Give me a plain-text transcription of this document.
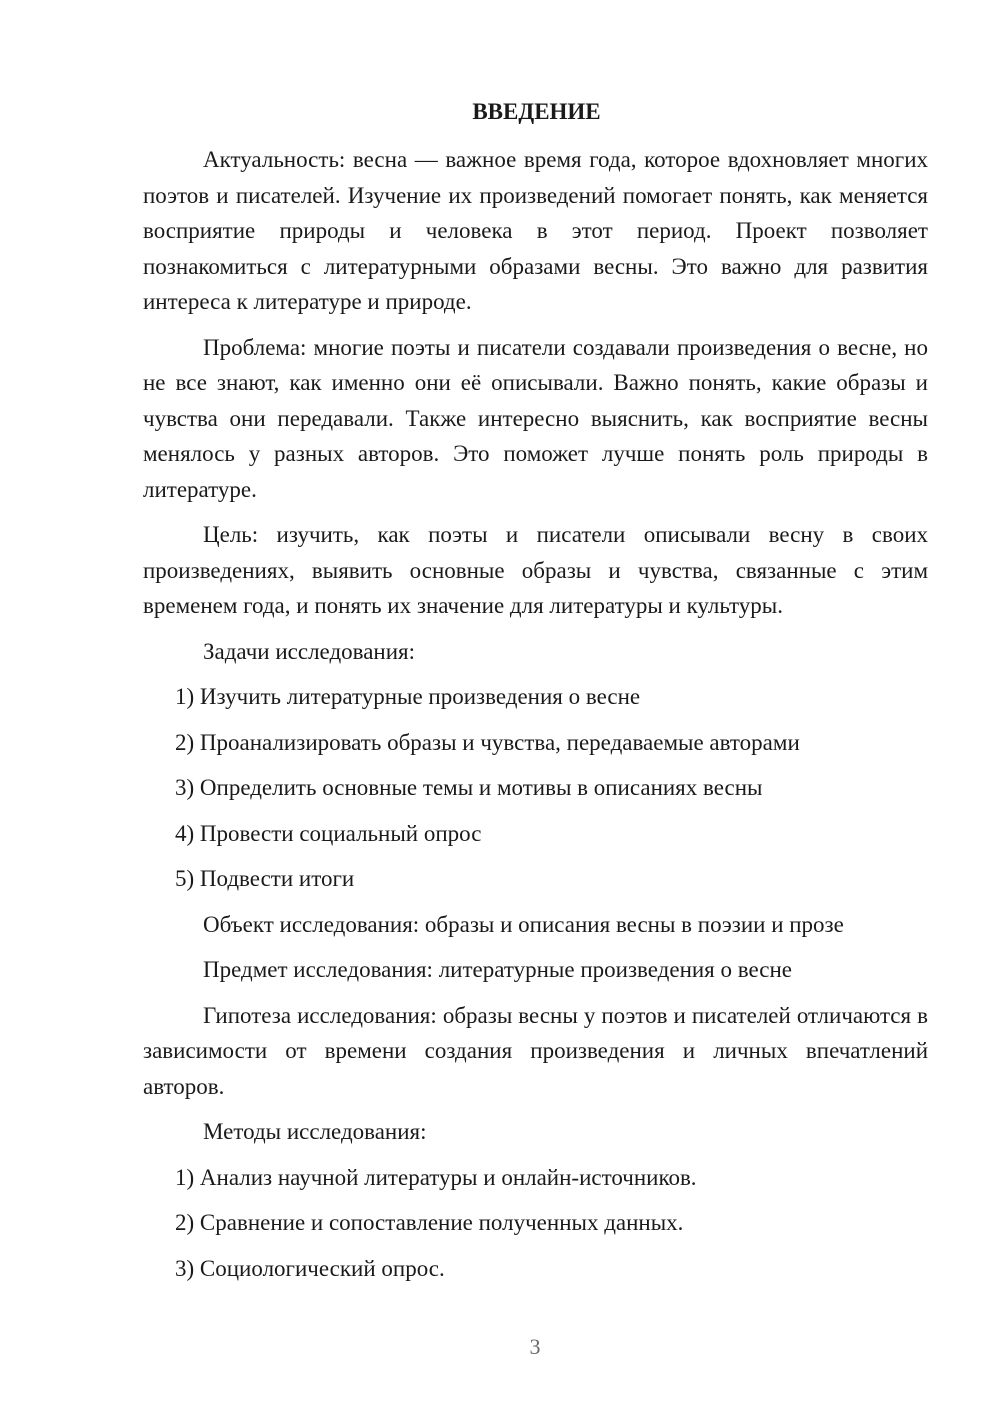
ВВЕДЕНИЕ

Актуальность: весна — важное время года, которое вдохновляет многих поэтов и писателей. Изучение их произведений помогает понять, как меняется восприятие природы и человека в этот период. Проект позволяет познакомиться с литературными образами весны. Это важно для развития интереса к литературе и природе.

Проблема: многие поэты и писатели создавали произведения о весне, но не все знают, как именно они её описывали. Важно понять, какие образы и чувства они передавали. Также интересно выяснить, как восприятие весны менялось у разных авторов. Это поможет лучше понять роль природы в литературе.

Цель: изучить, как поэты и писатели описывали весну в своих произведениях, выявить основные образы и чувства, связанные с этим временем года, и понять их значение для литературы и культуры.

Задачи исследования:
1) Изучить литературные произведения о весне
2) Проанализировать образы и чувства, передаваемые авторами
3) Определить основные темы и мотивы в описаниях весны
4) Провести социальный опрос
5) Подвести итоги
Объект исследования: образы и описания весны в поэзии и прозе
Предмет исследования: литературные произведения о весне

Гипотеза исследования: образы весны у поэтов и писателей отличаются в зависимости от времени создания произведения и личных впечатлений авторов.

Методы исследования:
1) Анализ научной литературы и онлайн-источников.
2) Сравнение и сопоставление полученных данных.
3) Социологический опрос.
3
